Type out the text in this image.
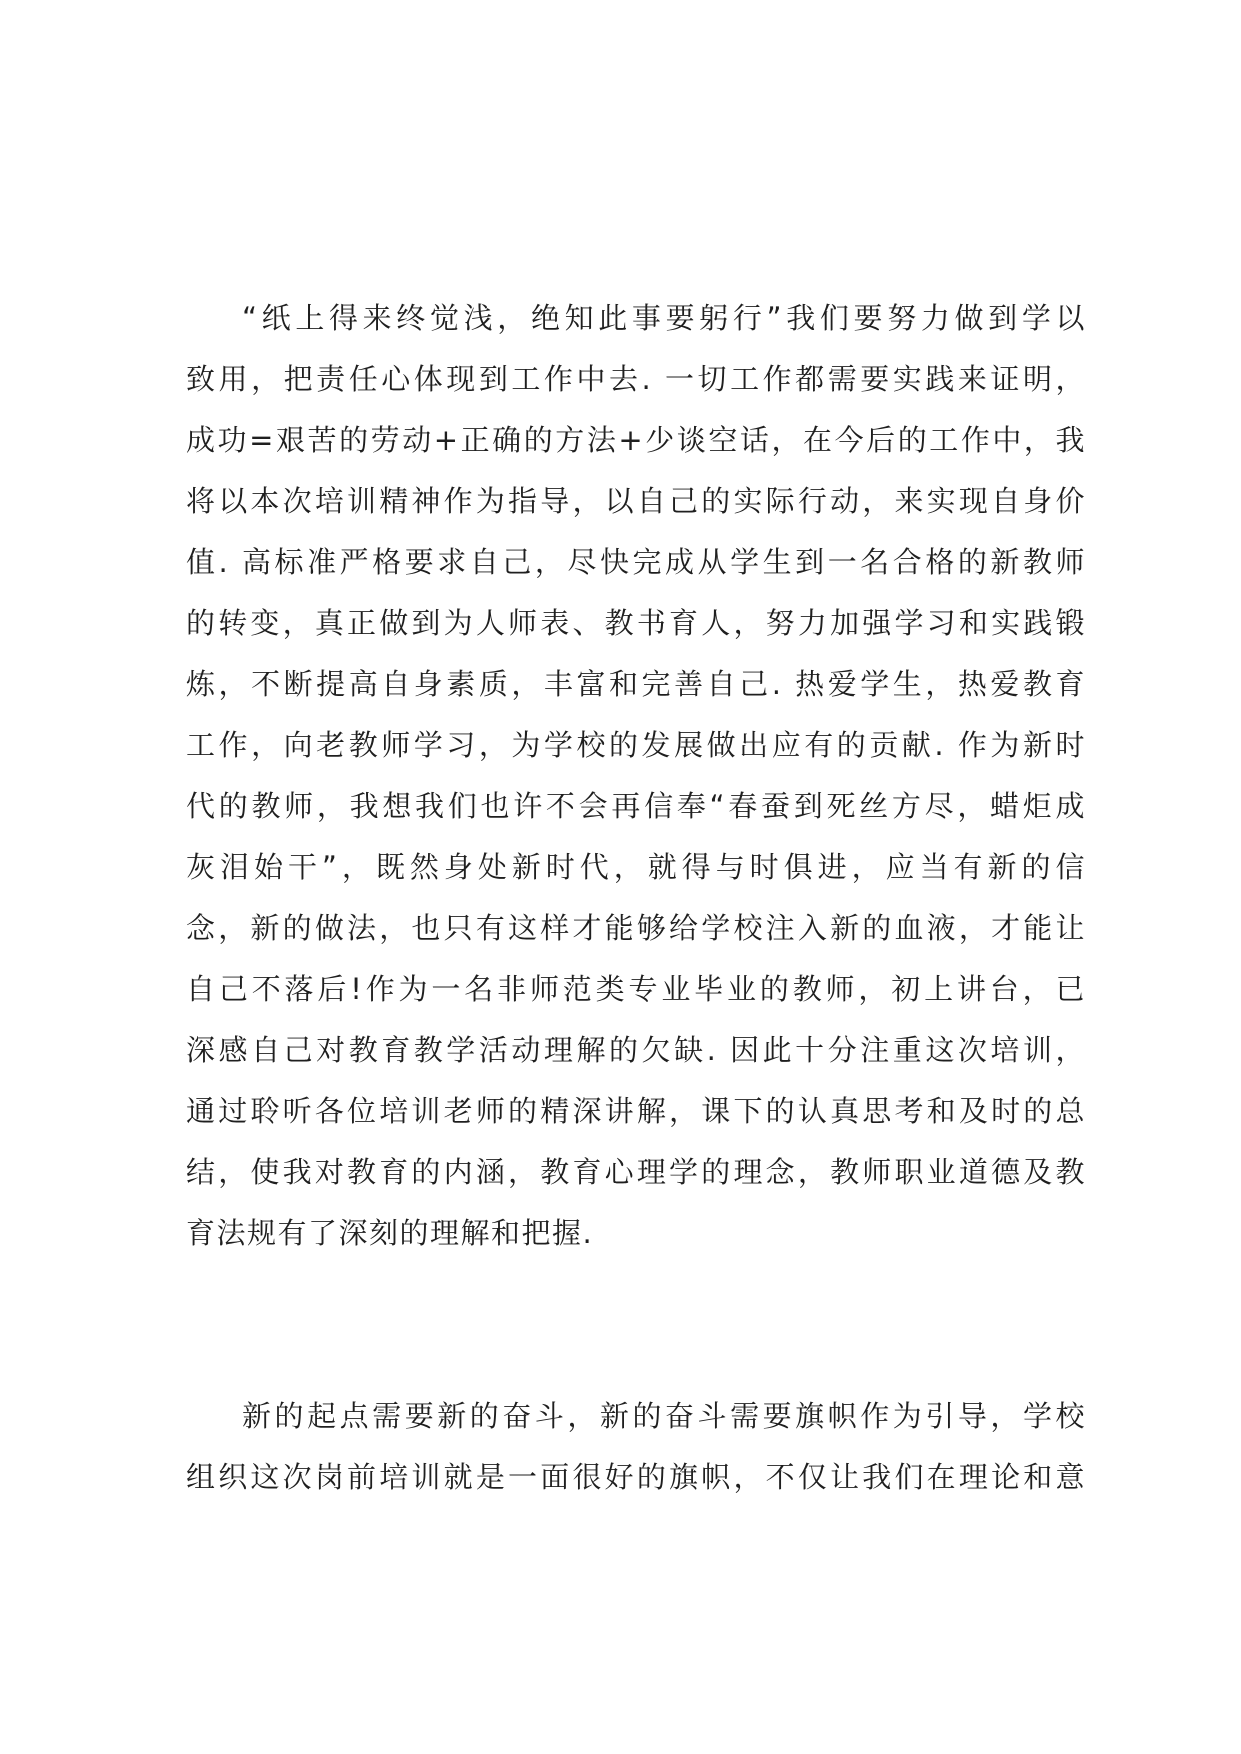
“纸上得来终觉浅，绝知此事要躬行”我们要努力做到学以
致用，把责任心体现到工作中去. 一切工作都需要实践来证明，
成功=艰苦的劳动+正确的方法+少谈空话，在今后的工作中，我
将以本次培训精神作为指导，以自己的实际行动，来实现自身价
值. 高标准严格要求自己，尽快完成从学生到一名合格的新教师
的转变，真正做到为人师表、教书育人，努力加强学习和实践锻
炼，不断提高自身素质，丰富和完善自己. 热爱学生，热爱教育
工作，向老教师学习，为学校的发展做出应有的贡献. 作为新时
代的教师，我想我们也许不会再信奉“春蚕到死丝方尽，蜡炬成
灰泪始干”，既然身处新时代，就得与时俱进，应当有新的信
念，新的做法，也只有这样才能够给学校注入新的血液，才能让
自己不落后!作为一名非师范类专业毕业的教师，初上讲台，已
深感自己对教育教学活动理解的欠缺. 因此十分注重这次培训，
通过聆听各位培训老师的精深讲解，课下的认真思考和及时的总
结，使我对教育的内涵，教育心理学的理念，教师职业道德及教
育法规有了深刻的理解和把握.
新的起点需要新的奋斗，新的奋斗需要旗帜作为引导，学校
组织这次岗前培训就是一面很好的旗帜，不仅让我们在理论和意
